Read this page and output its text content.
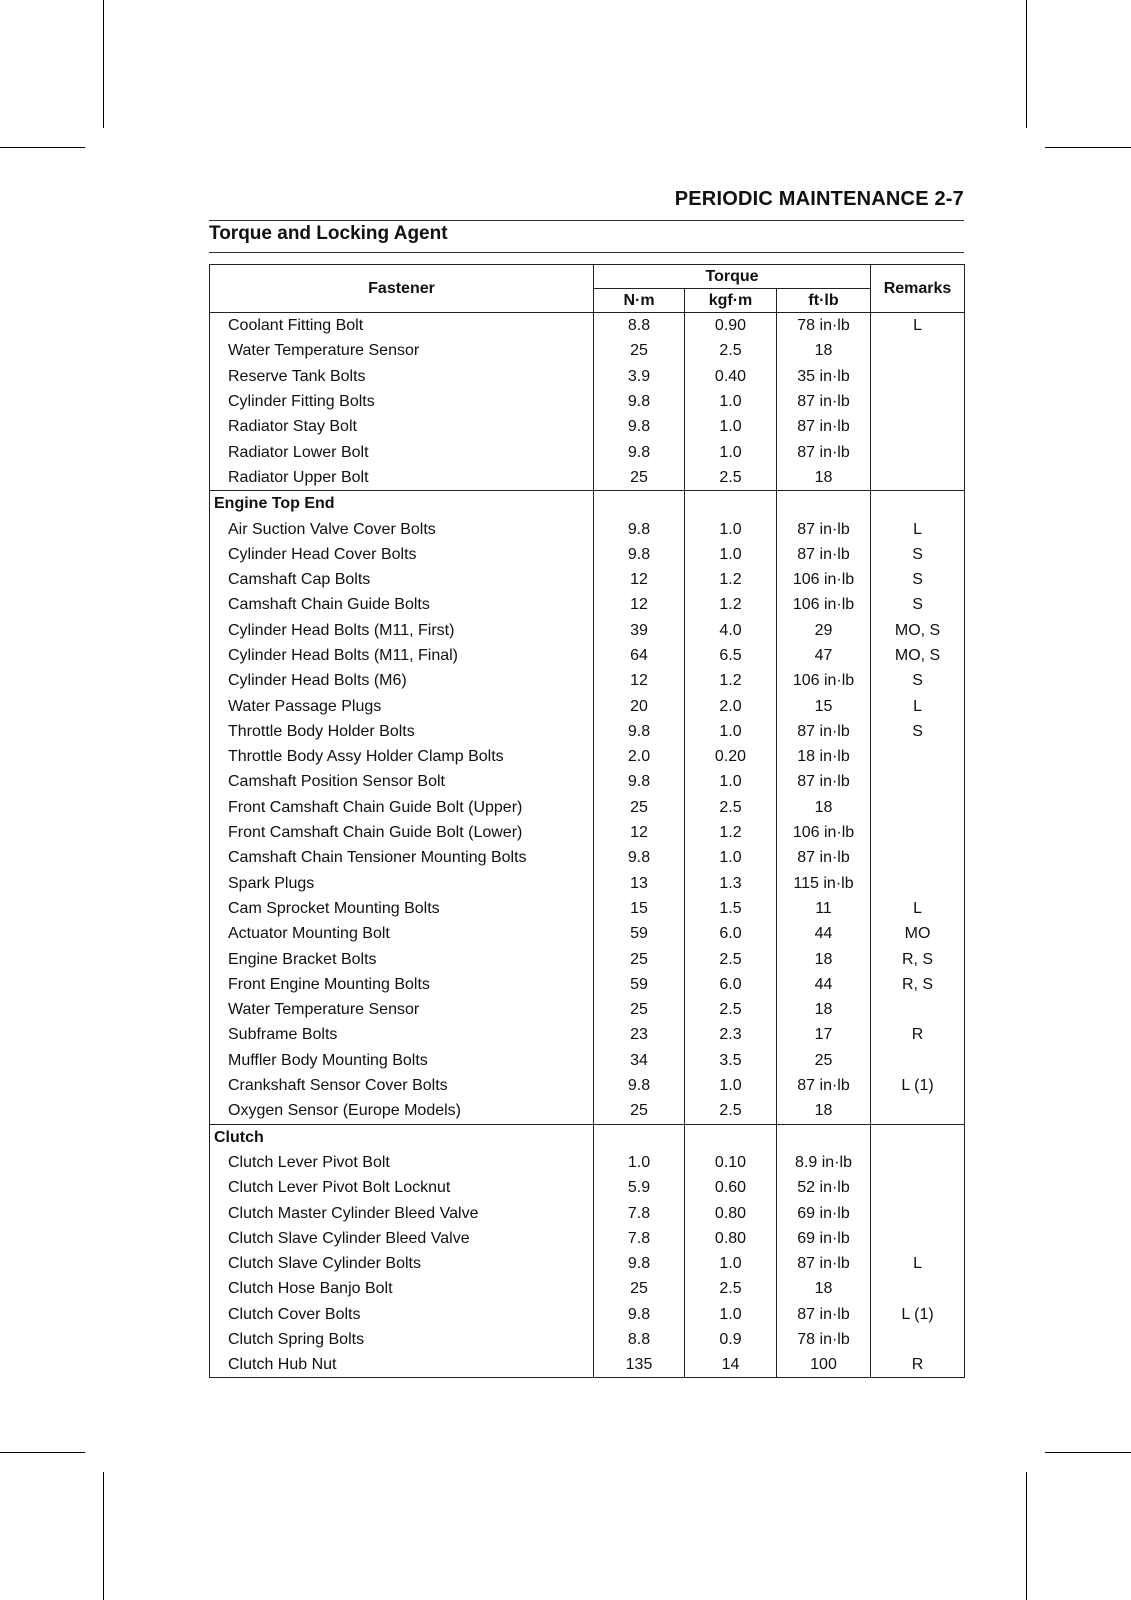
PERIODIC MAINTENANCE 2-7
Torque and Locking Agent
Fastener	Torque			Remarks
	N·m	kgf·m	ft·lb	
Coolant Fitting Bolt	8.8	0.90	78 in·lb	L
Water Temperature Sensor	25	2.5	18	
Reserve Tank Bolts	3.9	0.40	35 in·lb	
Cylinder Fitting Bolts	9.8	1.0	87 in·lb	
Radiator Stay Bolt	9.8	1.0	87 in·lb	
Radiator Lower Bolt	9.8	1.0	87 in·lb	
Radiator Upper Bolt	25	2.5	18	
Engine Top End				
Air Suction Valve Cover Bolts	9.8	1.0	87 in·lb	L
Cylinder Head Cover Bolts	9.8	1.0	87 in·lb	S
Camshaft Cap Bolts	12	1.2	106 in·lb	S
Camshaft Chain Guide Bolts	12	1.2	106 in·lb	S
Cylinder Head Bolts (M11, First)	39	4.0	29	MO, S
Cylinder Head Bolts (M11, Final)	64	6.5	47	MO, S
Cylinder Head Bolts (M6)	12	1.2	106 in·lb	S
Water Passage Plugs	20	2.0	15	L
Throttle Body Holder Bolts	9.8	1.0	87 in·lb	S
Throttle Body Assy Holder Clamp Bolts	2.0	0.20	18 in·lb	
Camshaft Position Sensor Bolt	9.8	1.0	87 in·lb	
Front Camshaft Chain Guide Bolt (Upper)	25	2.5	18	
Front Camshaft Chain Guide Bolt (Lower)	12	1.2	106 in·lb	
Camshaft Chain Tensioner Mounting Bolts	9.8	1.0	87 in·lb	
Spark Plugs	13	1.3	115 in·lb	
Cam Sprocket Mounting Bolts	15	1.5	11	L
Actuator Mounting Bolt	59	6.0	44	MO
Engine Bracket Bolts	25	2.5	18	R, S
Front Engine Mounting Bolts	59	6.0	44	R, S
Water Temperature Sensor	25	2.5	18	
Subframe Bolts	23	2.3	17	R
Muffler Body Mounting Bolts	34	3.5	25	
Crankshaft Sensor Cover Bolts	9.8	1.0	87 in·lb	L (1)
Oxygen Sensor (Europe Models)	25	2.5	18	
Clutch				
Clutch Lever Pivot Bolt	1.0	0.10	8.9 in·lb	
Clutch Lever Pivot Bolt Locknut	5.9	0.60	52 in·lb	
Clutch Master Cylinder Bleed Valve	7.8	0.80	69 in·lb	
Clutch Slave Cylinder Bleed Valve	7.8	0.80	69 in·lb	
Clutch Slave Cylinder Bolts	9.8	1.0	87 in·lb	L
Clutch Hose Banjo Bolt	25	2.5	18	
Clutch Cover Bolts	9.8	1.0	87 in·lb	L (1)
Clutch Spring Bolts	8.8	0.9	78 in·lb	
Clutch Hub Nut	135	14	100	R
